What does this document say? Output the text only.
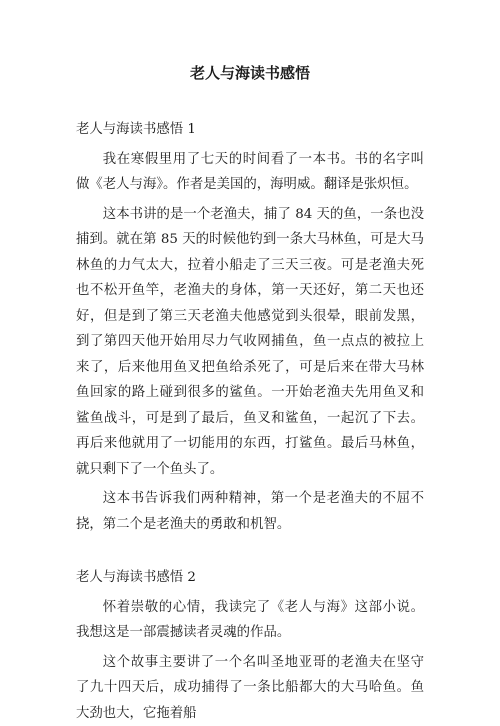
老人与海读书感悟
老人与海读书感悟 1

我在寒假里用了七天的时间看了一本书。书的名字叫做《老人与海》。作者是美国的，海明威。翻译是张炽恒。

这本书讲的是一个老渔夫，捕了 84 天的鱼，一条也没捕到。就在第 85 天的时候他钓到一条大马林鱼，可是大马林鱼的力气太大，拉着小船走了三天三夜。可是老渔夫死也不松开鱼竿，老渔夫的身体，第一天还好，第二天也还好，但是到了第三天老渔夫他感觉到头很晕，眼前发黑，到了第四天他开始用尽力气收网捕鱼，鱼一点点的被拉上来了，后来他用鱼叉把鱼给杀死了，可是后来在带大马林鱼回家的路上碰到很多的鲨鱼。一开始老渔夫先用鱼叉和鲨鱼战斗，可是到了最后，鱼叉和鲨鱼，一起沉了下去。再后来他就用了一切能用的东西，打鲨鱼。最后马林鱼，就只剩下了一个鱼头了。

这本书告诉我们两种精神，第一个是老渔夫的不屈不挠，第二个是老渔夫的勇敢和机智。

老人与海读书感悟 2

怀着崇敬的心情，我读完了《老人与海》这部小说。我想这是一部震撼读者灵魂的作品。

这个故事主要讲了一个名叫圣地亚哥的老渔夫在坚守了九十四天后，成功捕得了一条比船都大的大马哈鱼。鱼大劲也大，它拖着船
